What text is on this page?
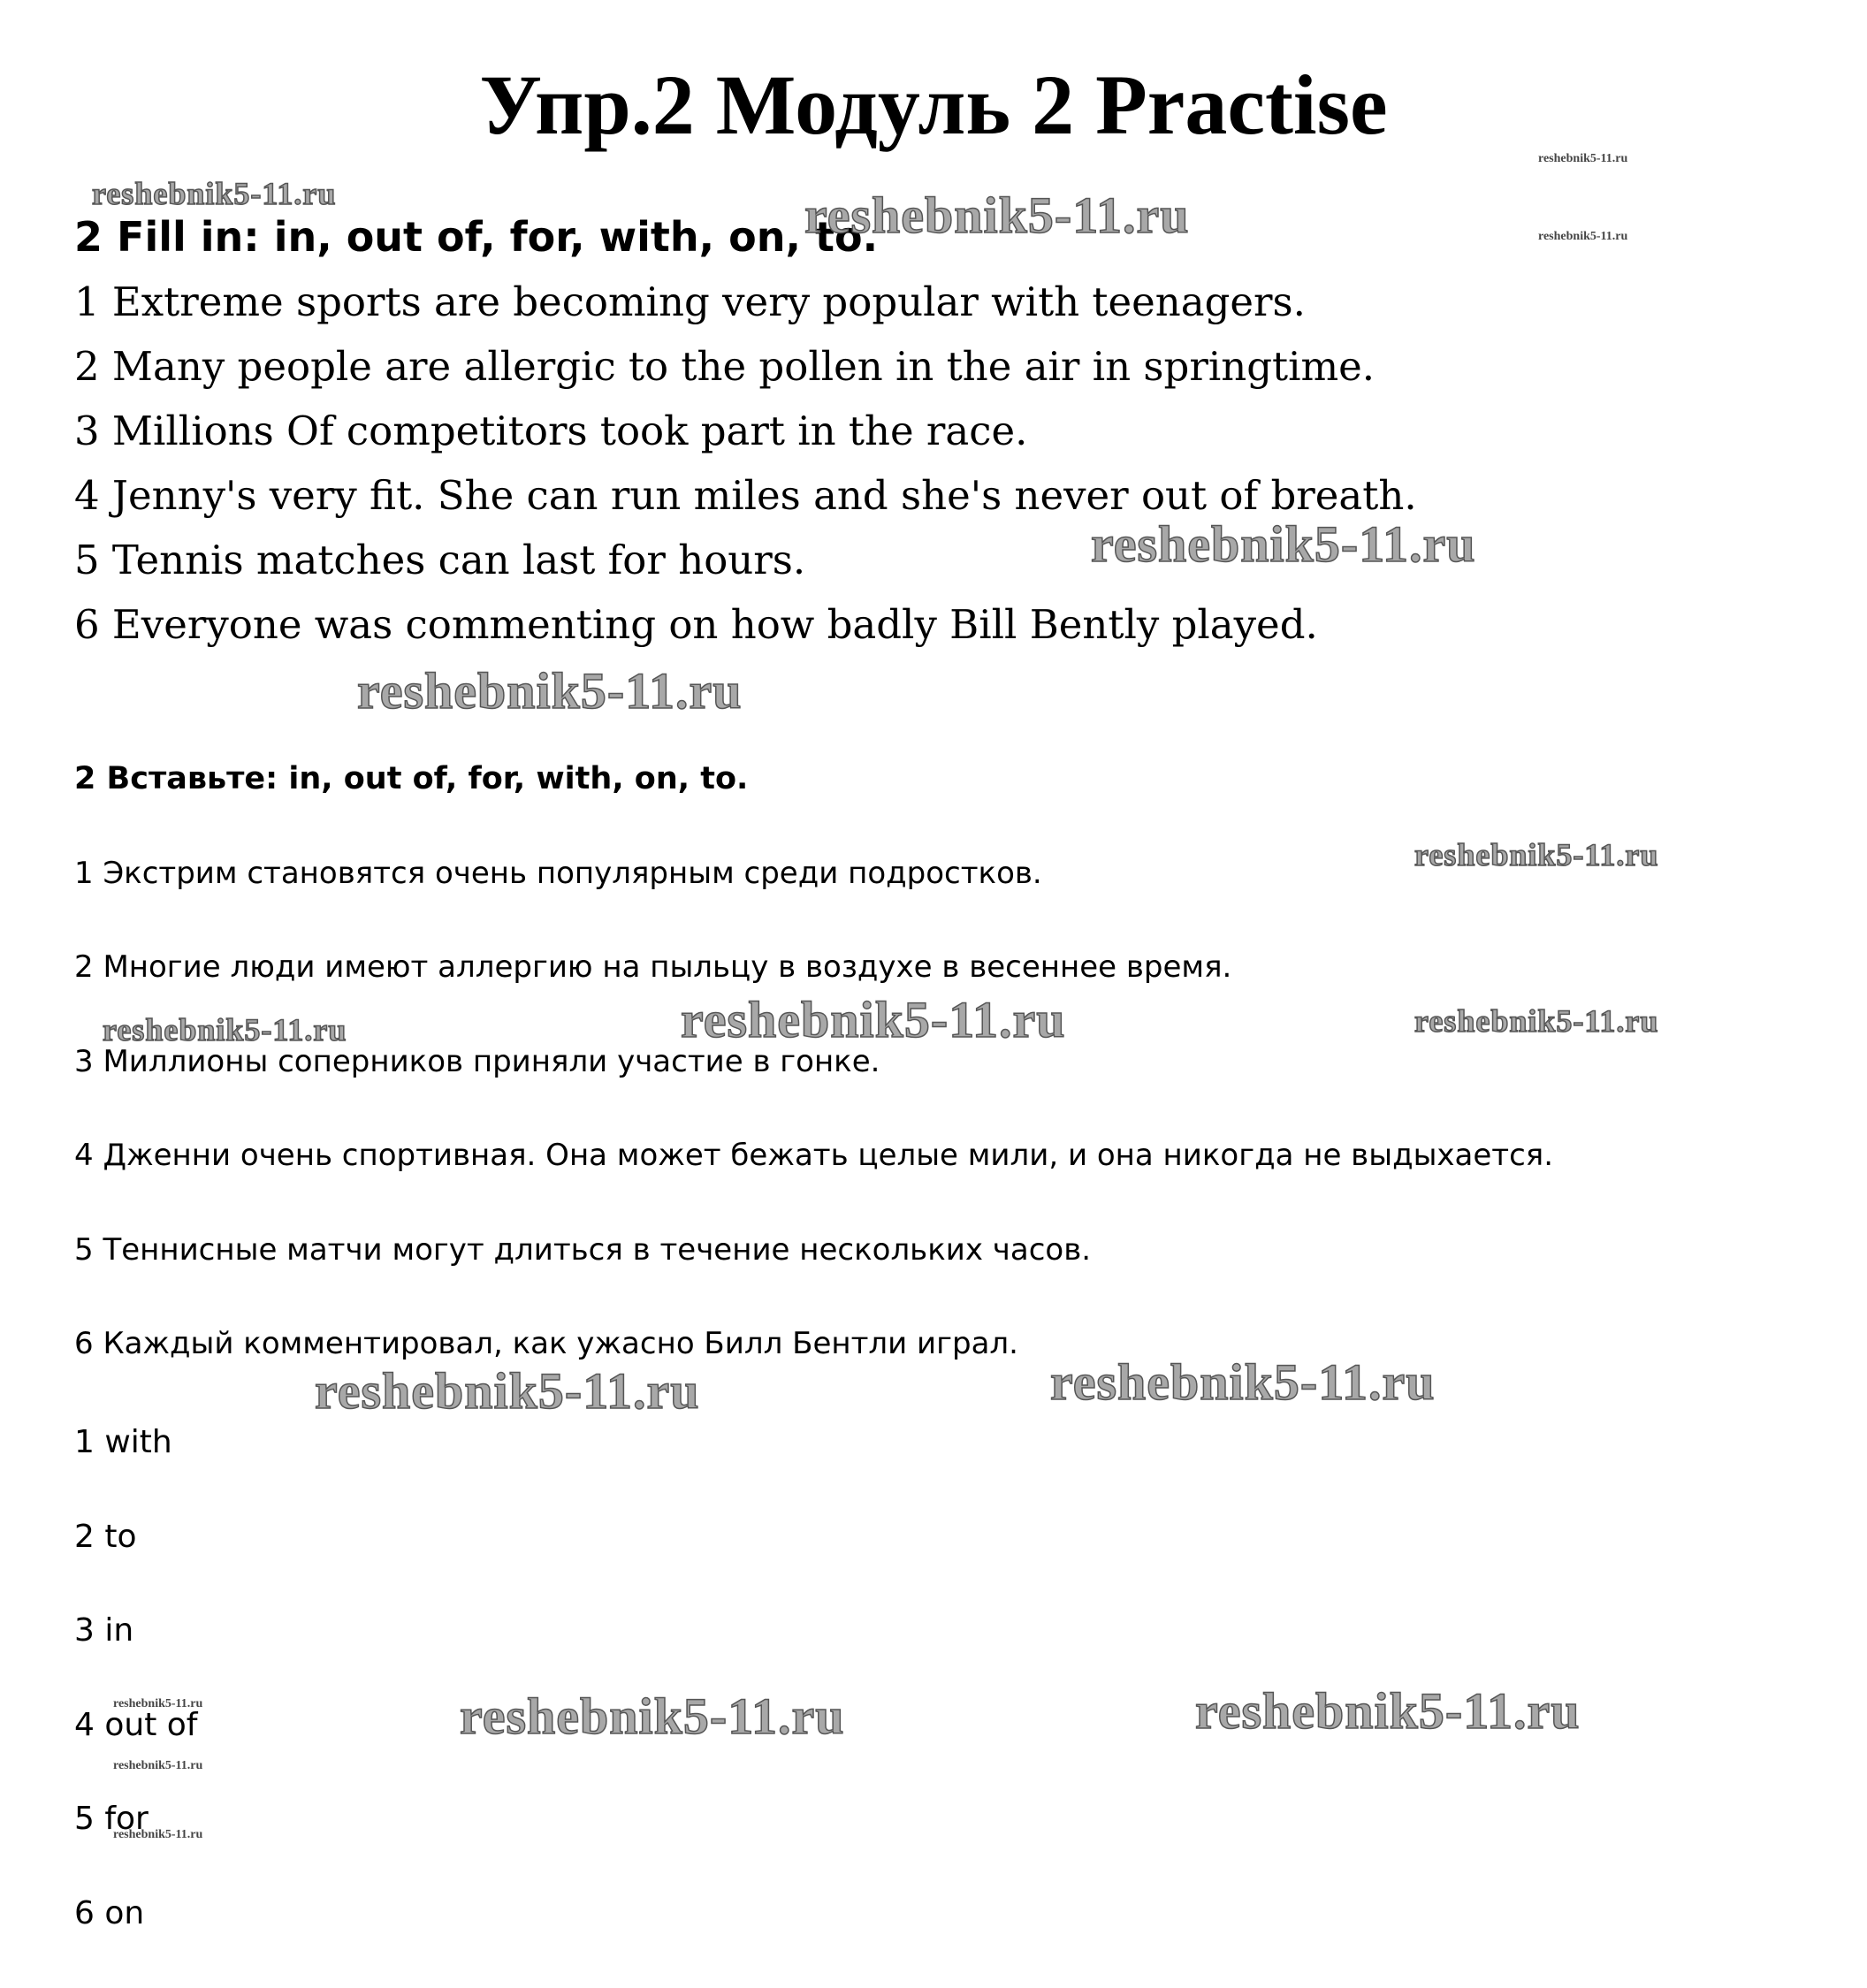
Упр.2 Модуль 2 Practise
2 Fill in: in, out of, for, with, on, to.
1 Extreme sports are becoming very popular with teenagers.
2 Many people are allergic to the pollen in the air in springtime.
3 Millions Of competitors took part in the race.
4 Jenny's very fit. She can run miles and she's never out of breath.
5 Tennis matches can last for hours.
6 Everyone was commenting on how badly Bill Bently played.
2 Вставьте: in, out of, for, with, on, to.
1 Экстрим становятся очень популярным среди подростков.
2 Многие люди имеют аллергию на пыльцу в воздухе в весеннее время.
3 Миллионы соперников приняли участие в гонке.
4 Дженни очень спортивная. Она может бежать целые мили, и она никогда не выдыхается.
5 Теннисные матчи могут длиться в течение нескольких часов.
6 Каждый комментировал, как ужасно Билл Бентли играл.
1 with
2 to
3 in
4 out of
5 for
6 on
reshebnik5-11.ru	reshebnik5-11.ru
reshebnik5-11.ru
reshebnik5-11.ru
reshebnik5-11.ru
reshebnik5-11.ru
reshebnik5-11.ru
reshebnik5-11.ru	reshebnik5-11.ru	reshebnik5-11.ru
reshebnik5-11.ru	reshebnik5-11.ru
reshebnik5-11.ru	reshebnik5-11.ru
reshebnik5-11.ru
reshebnik5-11.ru
reshebnik5-11.ru
